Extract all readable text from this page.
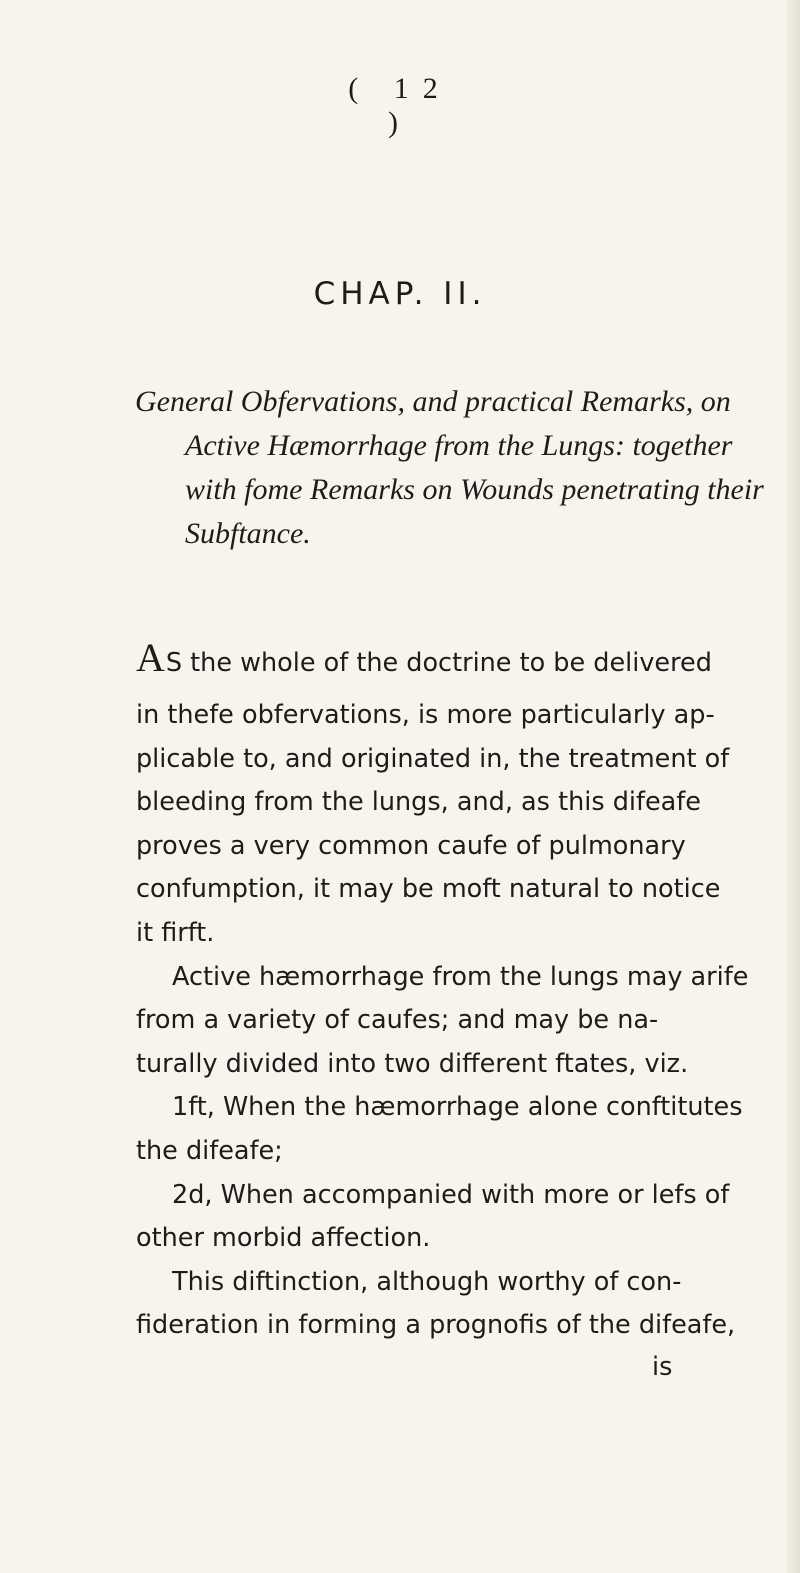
( 12 )
CHAP. II.
General Obfervations, and practical Remarks, on
Active Hæmorrhage from the Lungs: together
with fome Remarks on Wounds penetrating their
Subftance.
AS the whole of the doctrine to be delivered
in thefe obfervations, is more particularly ap-
plicable to, and originated in, the treatment of
bleeding from the lungs, and, as this difeafe
proves a very common caufe of pulmonary
confumption, it may be moft natural to notice
it firft.
Active hæmorrhage from the lungs may arife
from a variety of caufes; and may be na-
turally divided into two different ftates, viz.
1ft, When the hæmorrhage alone conftitutes
the difeafe;
2d, When accompanied with more or lefs of
other morbid affection.
This diftinction, although worthy of con-
fideration in forming a prognofis of the difeafe,
is
